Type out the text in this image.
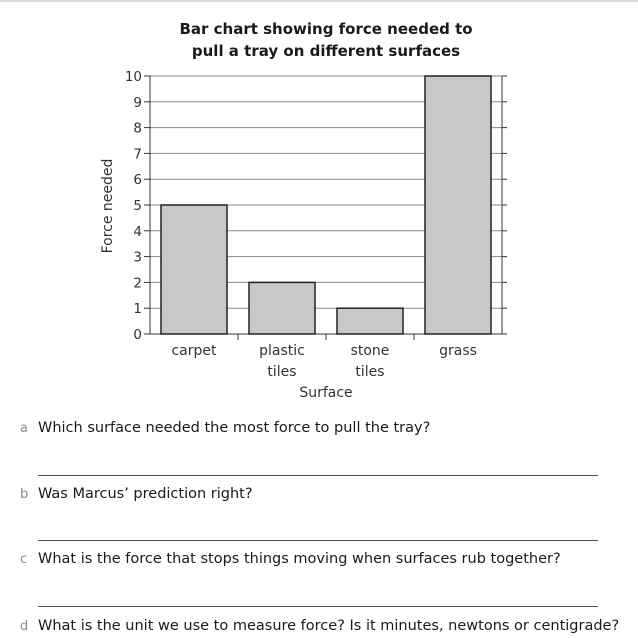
Bar chart showing force needed to
pull a tray on different surfaces
0
1
2
3
4
5
6
7
8
9
10
carpet	plastic
tiles
stone
tiles
grass
Surface
Force needed
a Which surface needed the most force to pull the tray?
b Was Marcus’ prediction right?
c What is the force that stops things moving when surfaces rub together?
d What is the unit we use to measure force? Is it minutes, newtons or centigrade?
